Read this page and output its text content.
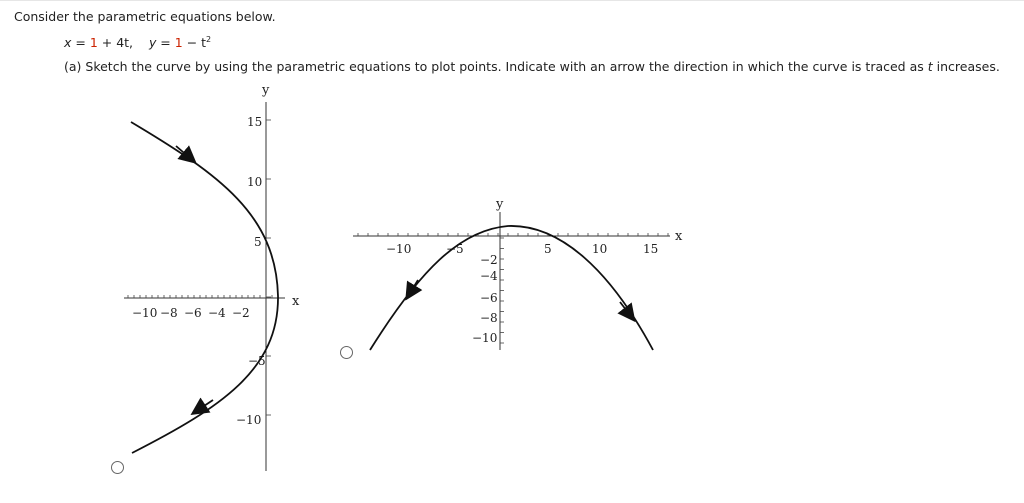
Consider the parametric equations below.
x = 1 + 4t, $y = 1 - t^2$
(a) Sketch the curve by using the parametric equations to plot points. Indicate with an arrow the direction in which the curve is traced as t increases.
y
x
15
10
5
−5
−10
−10 −8 −6 −4 −2
y
x
−10	−5	5	10	15
−2
−4
−6
−8
−10
